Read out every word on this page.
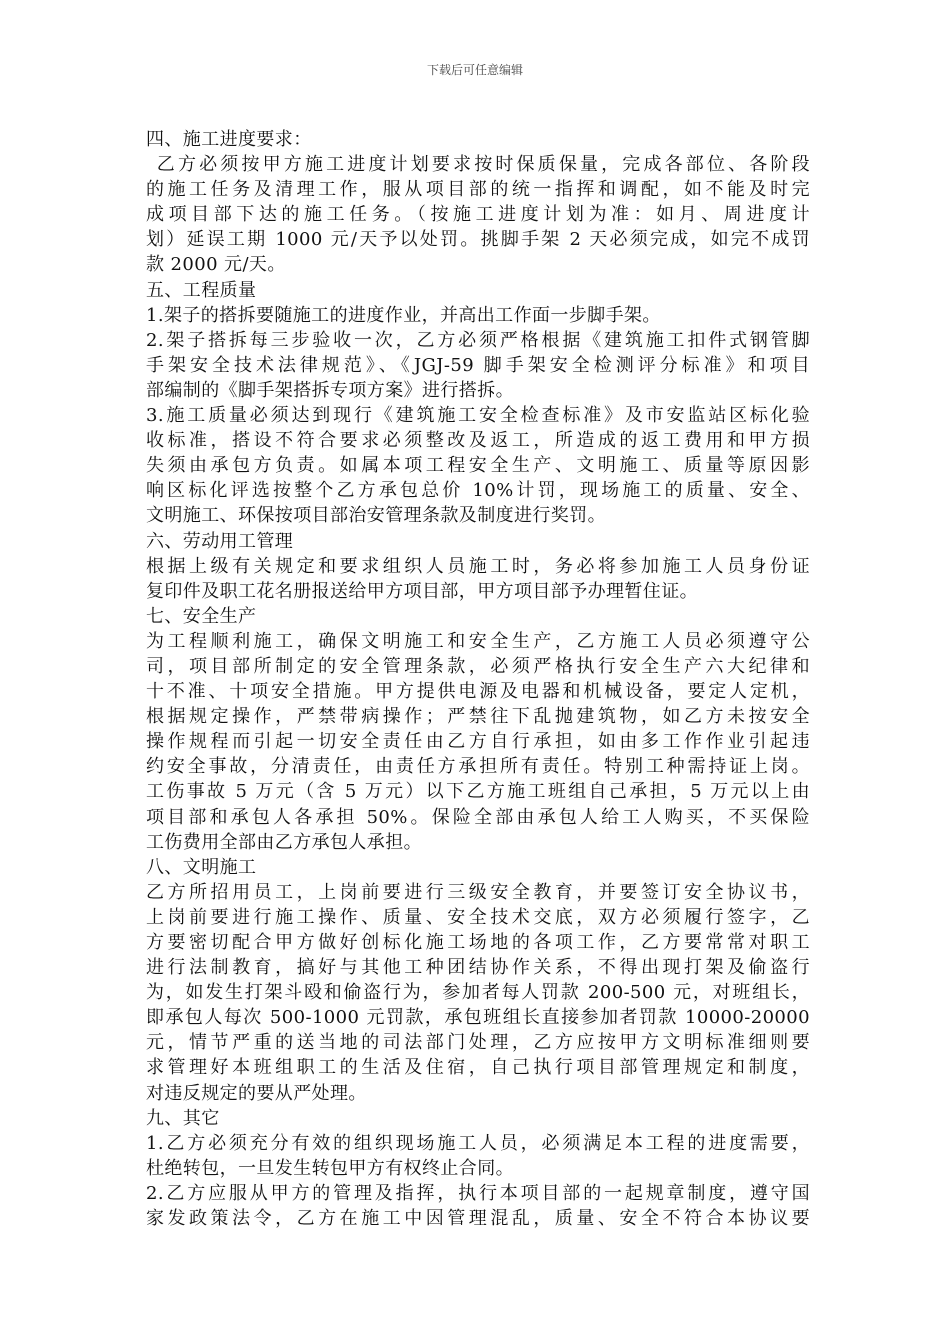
下载后可任意编辑
四、施工进度要求：
乙方必须按甲方施工进度计划要求按时保质保量，完成各部位、各阶段
的施工任务及清理工作，服从项目部的统一指挥和调配，如不能及时完
成项目部下达的施工任务。（按施工进度计划为准：如月、周进度计
划）延误工期 1000 元/天予以处罚。挑脚手架 2 天必须完成，如完不成罚
款 2000 元/天。
五、工程质量
1.架子的搭拆要随施工的进度作业，并高出工作面一步脚手架。
2.架子搭拆每三步验收一次，乙方必须严格根据《建筑施工扣件式钢管脚
手架安全技术法律规范》、《JGJ-59 脚手架安全检测评分标准》和项目
部编制的《脚手架搭拆专项方案》进行搭拆。
3.施工质量必须达到现行《建筑施工安全检查标准》及市安监站区标化验
收标准，搭设不符合要求必须整改及返工，所造成的返工费用和甲方损
失须由承包方负责。如属本项工程安全生产、文明施工、质量等原因影
响区标化评选按整个乙方承包总价 10%计罚，现场施工的质量、安全、
文明施工、环保按项目部治安管理条款及制度进行奖罚。
六、劳动用工管理
根据上级有关规定和要求组织人员施工时，务必将参加施工人员身份证
复印件及职工花名册报送给甲方项目部，甲方项目部予办理暂住证。
七、安全生产
为工程顺利施工，确保文明施工和安全生产，乙方施工人员必须遵守公
司，项目部所制定的安全管理条款，必须严格执行安全生产六大纪律和
十不准、十项安全措施。甲方提供电源及电器和机械设备，要定人定机，
根据规定操作，严禁带病操作；严禁往下乱抛建筑物，如乙方未按安全
操作规程而引起一切安全责任由乙方自行承担，如由多工作作业引起违
约安全事故，分清责任，由责任方承担所有责任。特别工种需持证上岗。
工伤事故 5 万元（含 5 万元）以下乙方施工班组自己承担，5 万元以上由
项目部和承包人各承担 50%。保险全部由承包人给工人购买，不买保险
工伤费用全部由乙方承包人承担。
八、文明施工
乙方所招用员工，上岗前要进行三级安全教育，并要签订安全协议书，
上岗前要进行施工操作、质量、安全技术交底，双方必须履行签字，乙
方要密切配合甲方做好创标化施工场地的各项工作，乙方要常常对职工
进行法制教育，搞好与其他工种团结协作关系，不得出现打架及偷盗行
为，如发生打架斗殴和偷盗行为，参加者每人罚款 200-500 元，对班组长，
即承包人每次 500-1000 元罚款，承包班组长直接参加者罚款 10000-20000
元，情节严重的送当地的司法部门处理，乙方应按甲方文明标准细则要
求管理好本班组职工的生活及住宿，自己执行项目部管理规定和制度，
对违反规定的要从严处理。
九、其它
1.乙方必须充分有效的组织现场施工人员，必须满足本工程的进度需要，
杜绝转包，一旦发生转包甲方有权终止合同。
2.乙方应服从甲方的管理及指挥，执行本项目部的一起规章制度，遵守国
家发政策法令，乙方在施工中因管理混乱，质量、安全不符合本协议要
